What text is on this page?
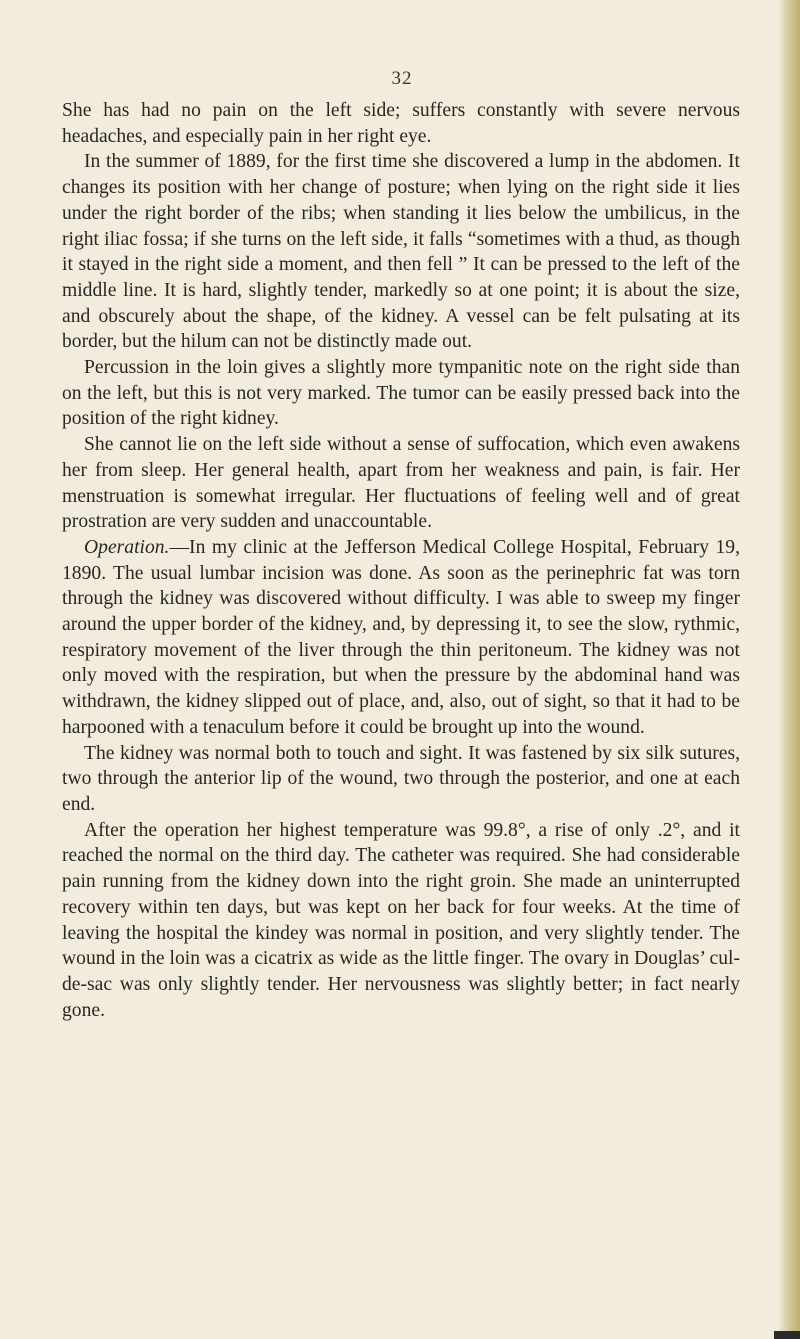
32

She has had no pain on the left side; suffers constantly with severe nervous headaches, and especially pain in her right eye.

In the summer of 1889, for the first time she discovered a lump in the abdomen. It changes its position with her change of posture; when lying on the right side it lies under the right border of the ribs; when standing it lies below the umbilicus, in the right iliac fossa; if she turns on the left side, it falls “sometimes with a thud, as though it stayed in the right side a moment, and then fell ” It can be pressed to the left of the middle line. It is hard, slightly tender, markedly so at one point; it is about the size, and obscurely about the shape, of the kidney. A vessel can be felt pulsating at its border, but the hilum can not be distinctly made out.

Percussion in the loin gives a slightly more tympanitic note on the right side than on the left, but this is not very marked. The tumor can be easily pressed back into the position of the right kidney.

She cannot lie on the left side without a sense of suffocation, which even awakens her from sleep. Her general health, apart from her weakness and pain, is fair. Her menstruation is somewhat irregular. Her fluctuations of feeling well and of great prostration are very sudden and unaccountable.

Operation.—In my clinic at the Jefferson Medical College Hospital, February 19, 1890. The usual lumbar incision was done. As soon as the perinephric fat was torn through the kidney was discovered without difficulty. I was able to sweep my finger around the upper border of the kidney, and, by depressing it, to see the slow, rythmic, respiratory movement of the liver through the thin peritoneum. The kidney was not only moved with the respiration, but when the pressure by the abdominal hand was withdrawn, the kidney slipped out of place, and, also, out of sight, so that it had to be harpooned with a tenaculum before it could be brought up into the wound.

The kidney was normal both to touch and sight. It was fastened by six silk sutures, two through the anterior lip of the wound, two through the posterior, and one at each end.

After the operation her highest temperature was 99.8°, a rise of only .2°, and it reached the normal on the third day. The catheter was required. She had considerable pain running from the kidney down into the right groin. She made an uninterrupted recovery within ten days, but was kept on her back for four weeks. At the time of leaving the hospital the kindey was normal in position, and very slightly tender. The wound in the loin was a cicatrix as wide as the little finger. The ovary in Douglas’ cul-de-sac was only slightly tender. Her nervousness was slightly better; in fact nearly gone.
